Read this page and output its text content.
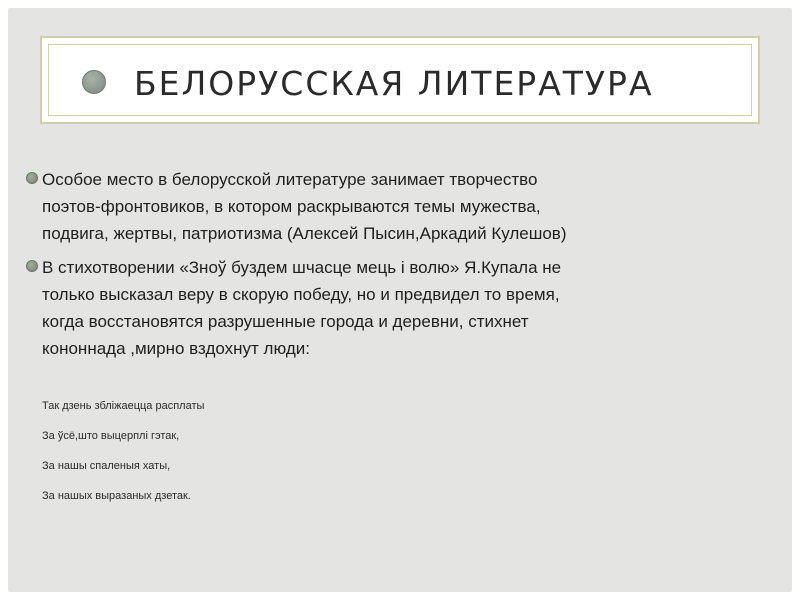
БЕЛОРУССКАЯ ЛИТЕРАТУРА
Особое место в белорусской литературе занимает творчество
поэтов-фронтовиков, в котором раскрываются темы мужества,
подвига, жертвы, патриотизма (Алексей Пысин,Аркадий Кулешов)
В стихотворении «Зноў буздем шчасце мець і волю» Я.Купала не
только высказал веру в скорую победу, но и предвидел то время,
когда восстановятся разрушенные города и деревни, стихнет
кононнада ,мирно вздохнут люди:
Так дзень зблiжаецца расплаты
За ўсё,што выцерплi гэтак,
За нашы спаленыя хаты,
За нашых выразаных дзетак.
